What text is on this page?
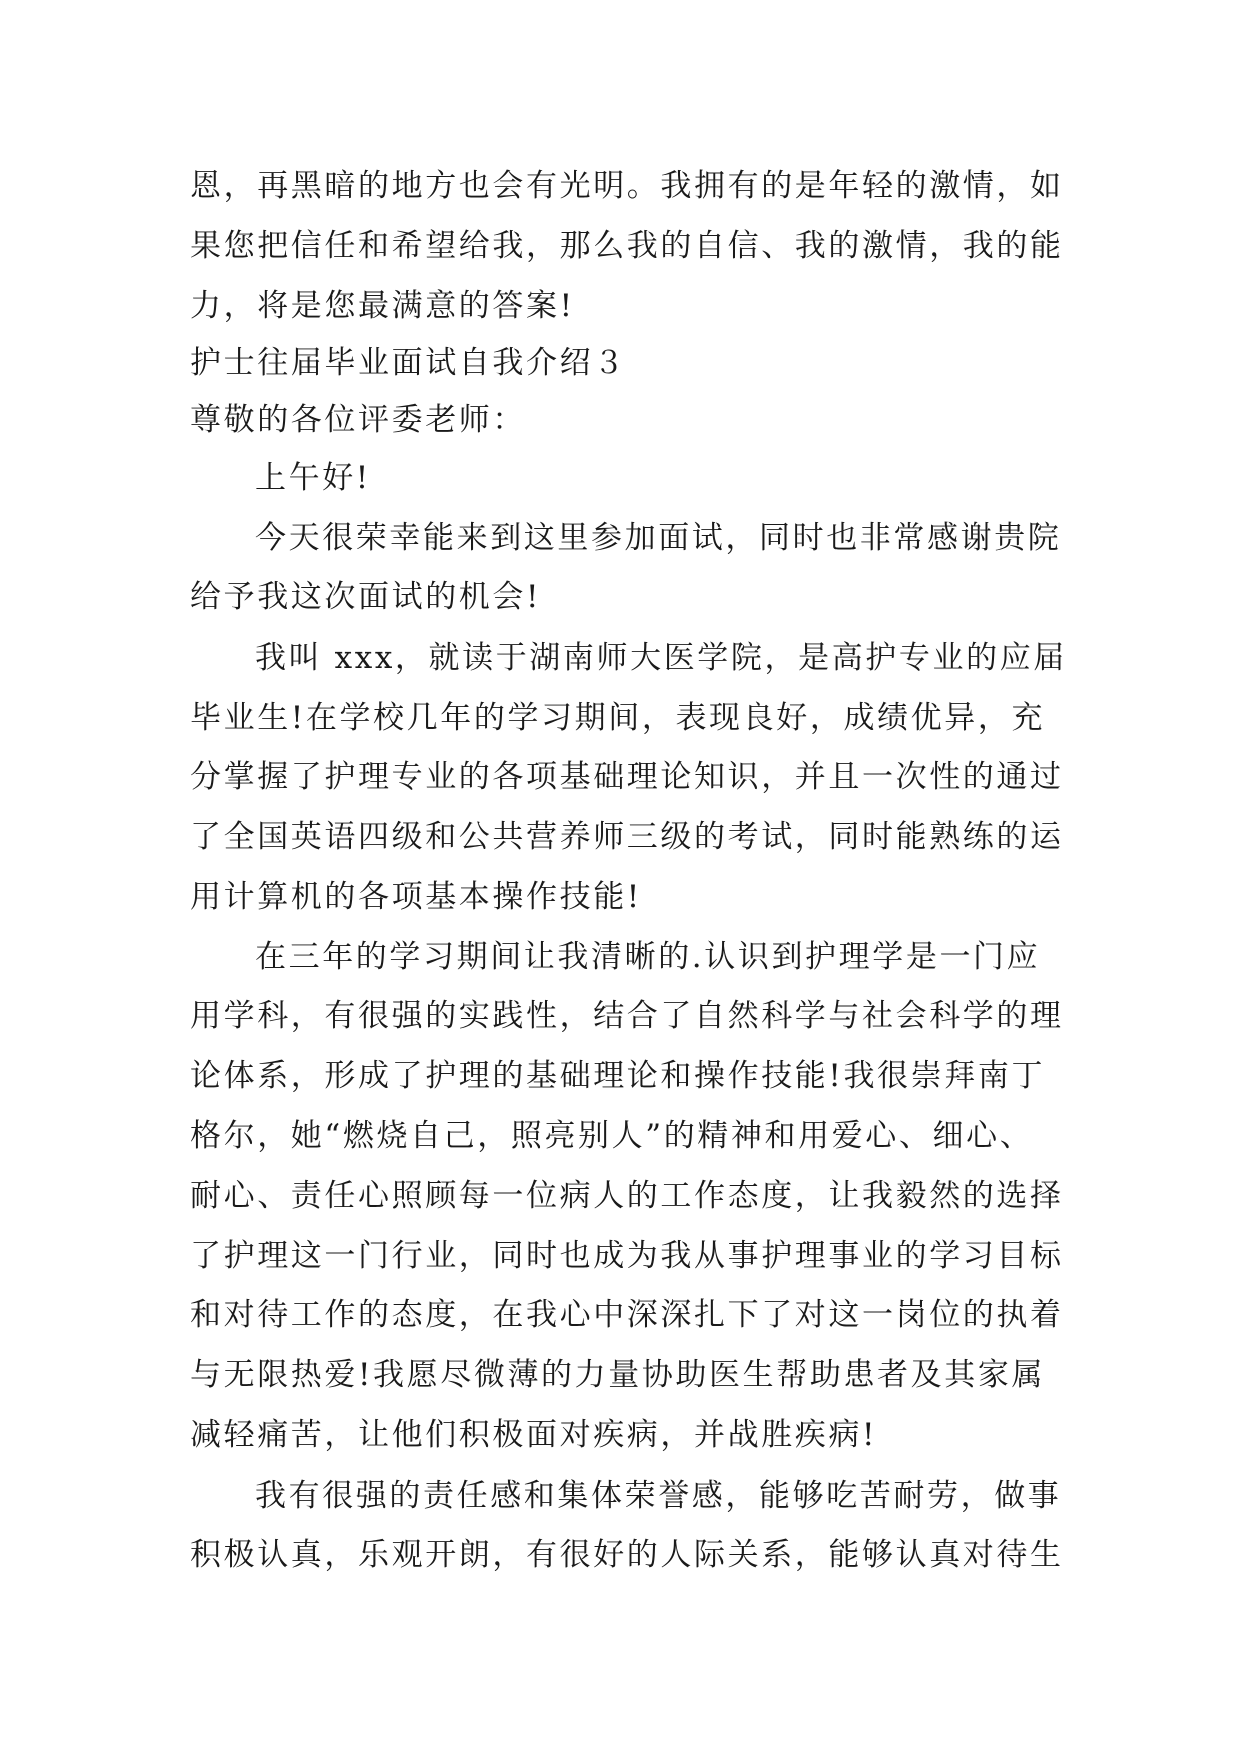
恩，再黑暗的地方也会有光明。我拥有的是年轻的激情，如
果您把信任和希望给我，那么我的自信、我的激情，我的能
力，将是您最满意的答案!
护士往届毕业面试自我介绍３
尊敬的各位评委老师：
上午好!
今天很荣幸能来到这里参加面试，同时也非常感谢贵院
给予我这次面试的机会!
我叫 xxx，就读于湖南师大医学院，是高护专业的应届
毕业生!在学校几年的学习期间，表现良好，成绩优异，充
分掌握了护理专业的各项基础理论知识，并且一次性的通过
了全国英语四级和公共营养师三级的考试，同时能熟练的运
用计算机的各项基本操作技能!
在三年的学习期间让我清晰的.认识到护理学是一门应
用学科，有很强的实践性，结合了自然科学与社会科学的理
论体系，形成了护理的基础理论和操作技能!我很崇拜南丁
格尔，她“燃烧自己，照亮别人”的精神和用爱心、细心、
耐心、责任心照顾每一位病人的工作态度，让我毅然的选择
了护理这一门行业，同时也成为我从事护理事业的学习目标
和对待工作的态度，在我心中深深扎下了对这一岗位的执着
与无限热爱!我愿尽微薄的力量协助医生帮助患者及其家属
减轻痛苦，让他们积极面对疾病，并战胜疾病!
我有很强的责任感和集体荣誉感，能够吃苦耐劳，做事
积极认真，乐观开朗，有很好的人际关系，能够认真对待生
